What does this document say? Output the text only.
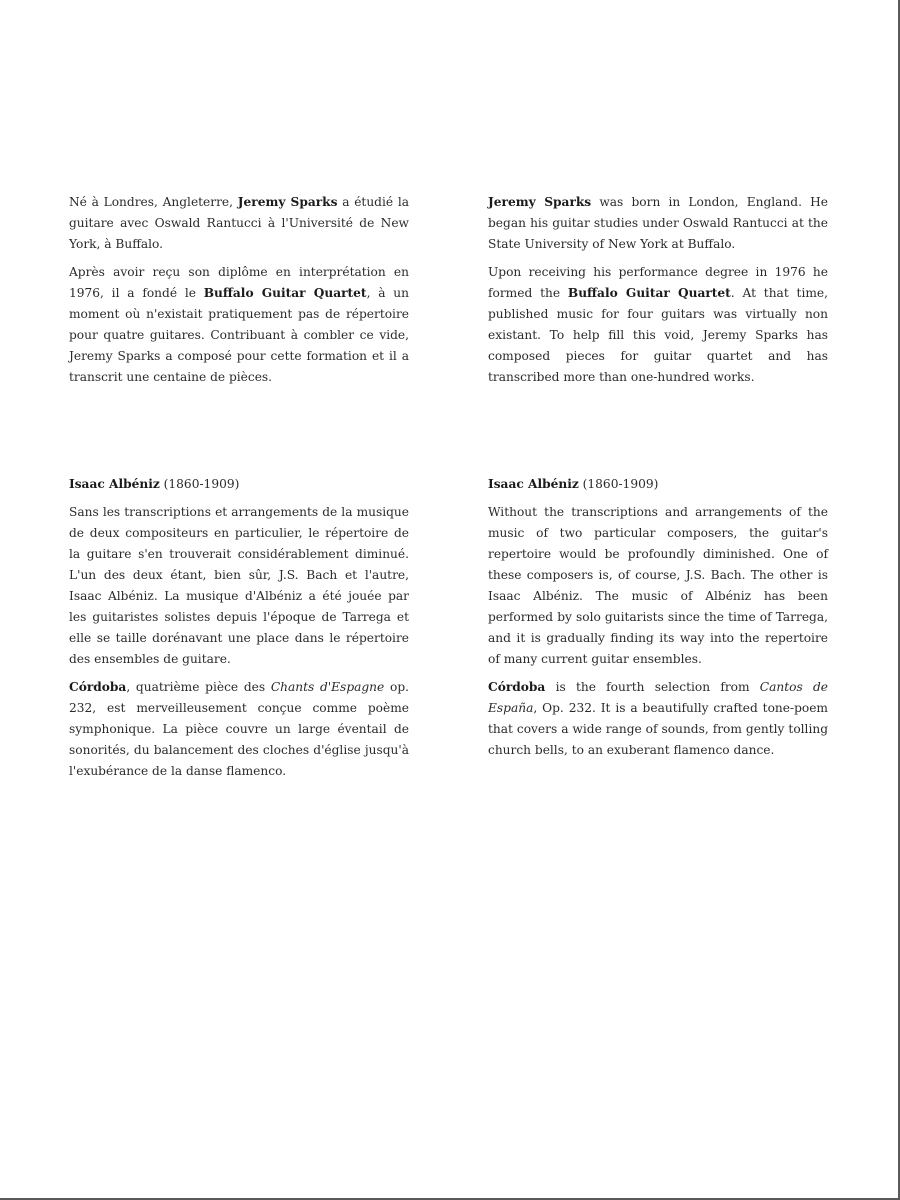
Né à Londres, Angleterre, Jeremy Sparks a étudié la guitare avec Oswald Rantucci à l'Université de New York, à Buffalo.

Après avoir reçu son diplôme en interprétation en 1976, il a fondé le Buffalo Guitar Quartet, à un moment où n'existait pratiquement pas de répertoire pour quatre guitares. Contribuant à combler ce vide, Jeremy Sparks a composé pour cette formation et il a transcrit une centaine de pièces.

Jeremy Sparks was born in London, England. He began his guitar studies under Oswald Rantucci at the State University of New York at Buffalo.

Upon receiving his performance degree in 1976 he formed the Buffalo Guitar Quartet. At that time, published music for four guitars was virtually non existant. To help fill this void, Jeremy Sparks has composed pieces for guitar quartet and has transcribed more than one-hundred works.

Isaac Albéniz (1860-1909)

Sans les transcriptions et arrangements de la musique de deux compositeurs en particulier, le répertoire de la guitare s'en trouverait considérablement diminué. L'un des deux étant, bien sûr, J.S. Bach et l'autre, Isaac Albéniz. La musique d'Albéniz a été jouée par les guitaristes solistes depuis l'époque de Tarrega et elle se taille dorénavant une place dans le répertoire des ensembles de guitare.

Córdoba, quatrième pièce des Chants d'Espagne op. 232, est merveilleusement conçue comme poème symphonique. La pièce couvre un large éventail de sonorités, du balancement des cloches d'église jusqu'à l'exubérance de la danse flamenco.

Isaac Albéniz (1860-1909)

Without the transcriptions and arrangements of the music of two particular composers, the guitar's repertoire would be profoundly diminished. One of these composers is, of course, J.S. Bach. The other is Isaac Albéniz. The music of Albéniz has been performed by solo guitarists since the time of Tarrega, and it is gradually finding its way into the repertoire of many current guitar ensembles.

Córdoba is the fourth selection from Cantos de España, Op. 232. It is a beautifully crafted tone-poem that covers a wide range of sounds, from gently tolling church bells, to an exuberant flamenco dance.
